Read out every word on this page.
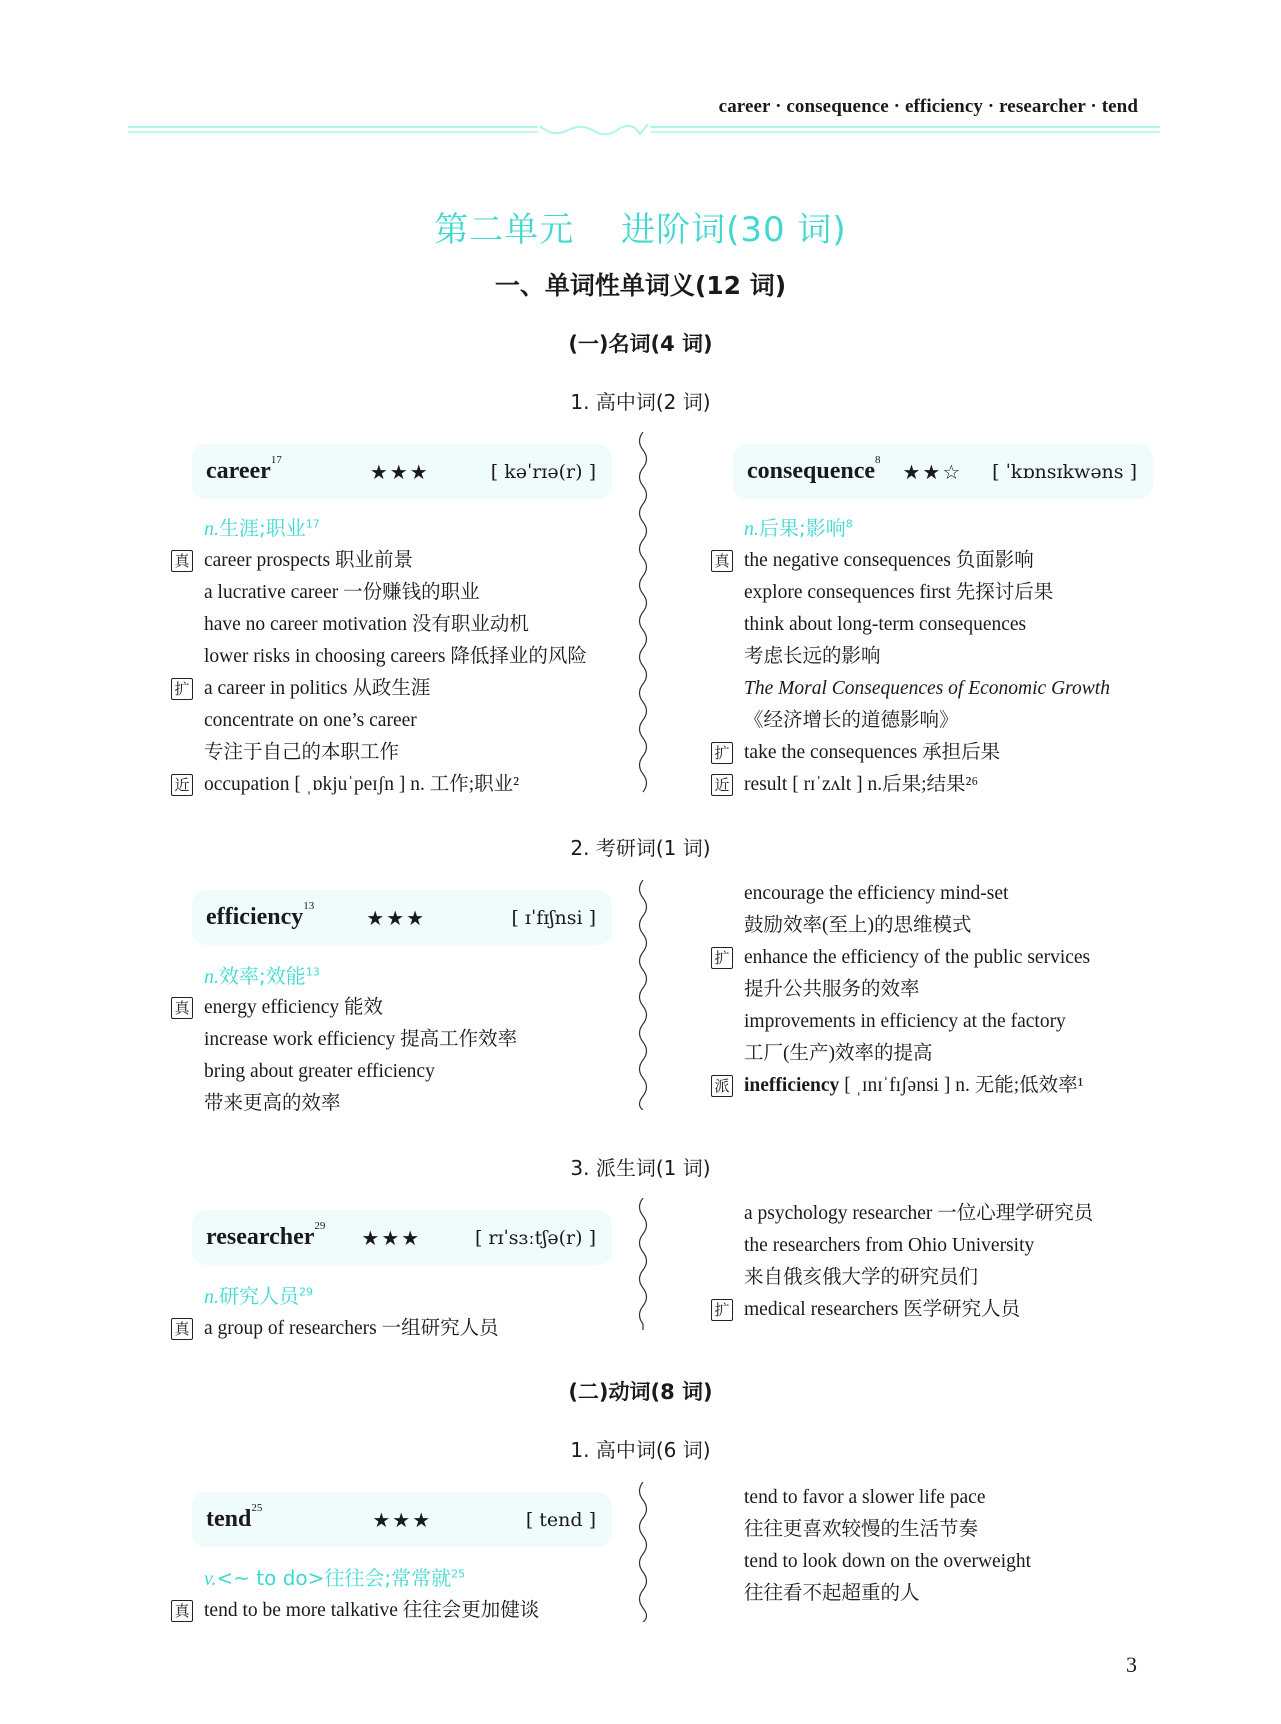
career · consequence · efficiency · researcher · tend
第二单元　 进阶词(30 词)
一、单词性单词义(12 词)
(一)名词(4 词)
1. 高中词(2 词)
career$^{17}$	★★★	[ kəˈrɪə(r) ]
n.生涯;职业$^{17}$
真 career prospects 职业前景
a lucrative career 一份赚钱的职业
have no career motivation 没有职业动机
lower risks in choosing careers 降低择业的风险
扩 a career in politics 从政生涯
concentrate on one’s career
专注于自己的本职工作
近 occupation [ ˌɒkjuˈpeɪʃn ] n. 工作;职业²
consequence$^8$ ★★☆ [ ˈkɒnsɪkwəns ]
n.后果;影响$^8$
真 the negative consequences 负面影响
explore consequences first 先探讨后果
think about long-term consequences
考虑长远的影响
The Moral Consequences of Economic Growth
《经济增长的道德影响》
扩 take the consequences 承担后果
近 result [ rɪˈzʌlt ] n.后果;结果²⁶
2. 考研词(1 词)
efficiency$^{13}$	★★★	[ ɪˈfɪʃnsi ]
n.效率;效能$^{13}$
真 energy efficiency 能效
increase work efficiency 提高工作效率
bring about greater efficiency
带来更高的效率
encourage the efficiency mind-set
鼓励效率(至上)的思维模式
扩 enhance the efficiency of the public services
提升公共服务的效率
improvements in efficiency at the factory
工厂(生产)效率的提高
派 inefficiency [ ˌɪnɪˈfɪʃənsi ] n. 无能;低效率¹
3. 派生词(1 词)
researcher$^{29}$ ★★★	[ rɪˈsɜːtʃə(r) ]
n.研究人员$^{29}$
真 a group of researchers 一组研究人员
a psychology researcher 一位心理学研究员
the researchers from Ohio University
来自俄亥俄大学的研究员们
扩 medical researchers 医学研究人员
(二)动词(8 词)
1. 高中词(6 词)
tend$^{25}$	★★★	[ tend ]
v.<~ to do>往往会;常常就$^{25}$
真 tend to be more talkative 往往会更加健谈
tend to favor a slower life pace
往往更喜欢较慢的生活节奏
tend to look down on the overweight
往往看不起超重的人
3
